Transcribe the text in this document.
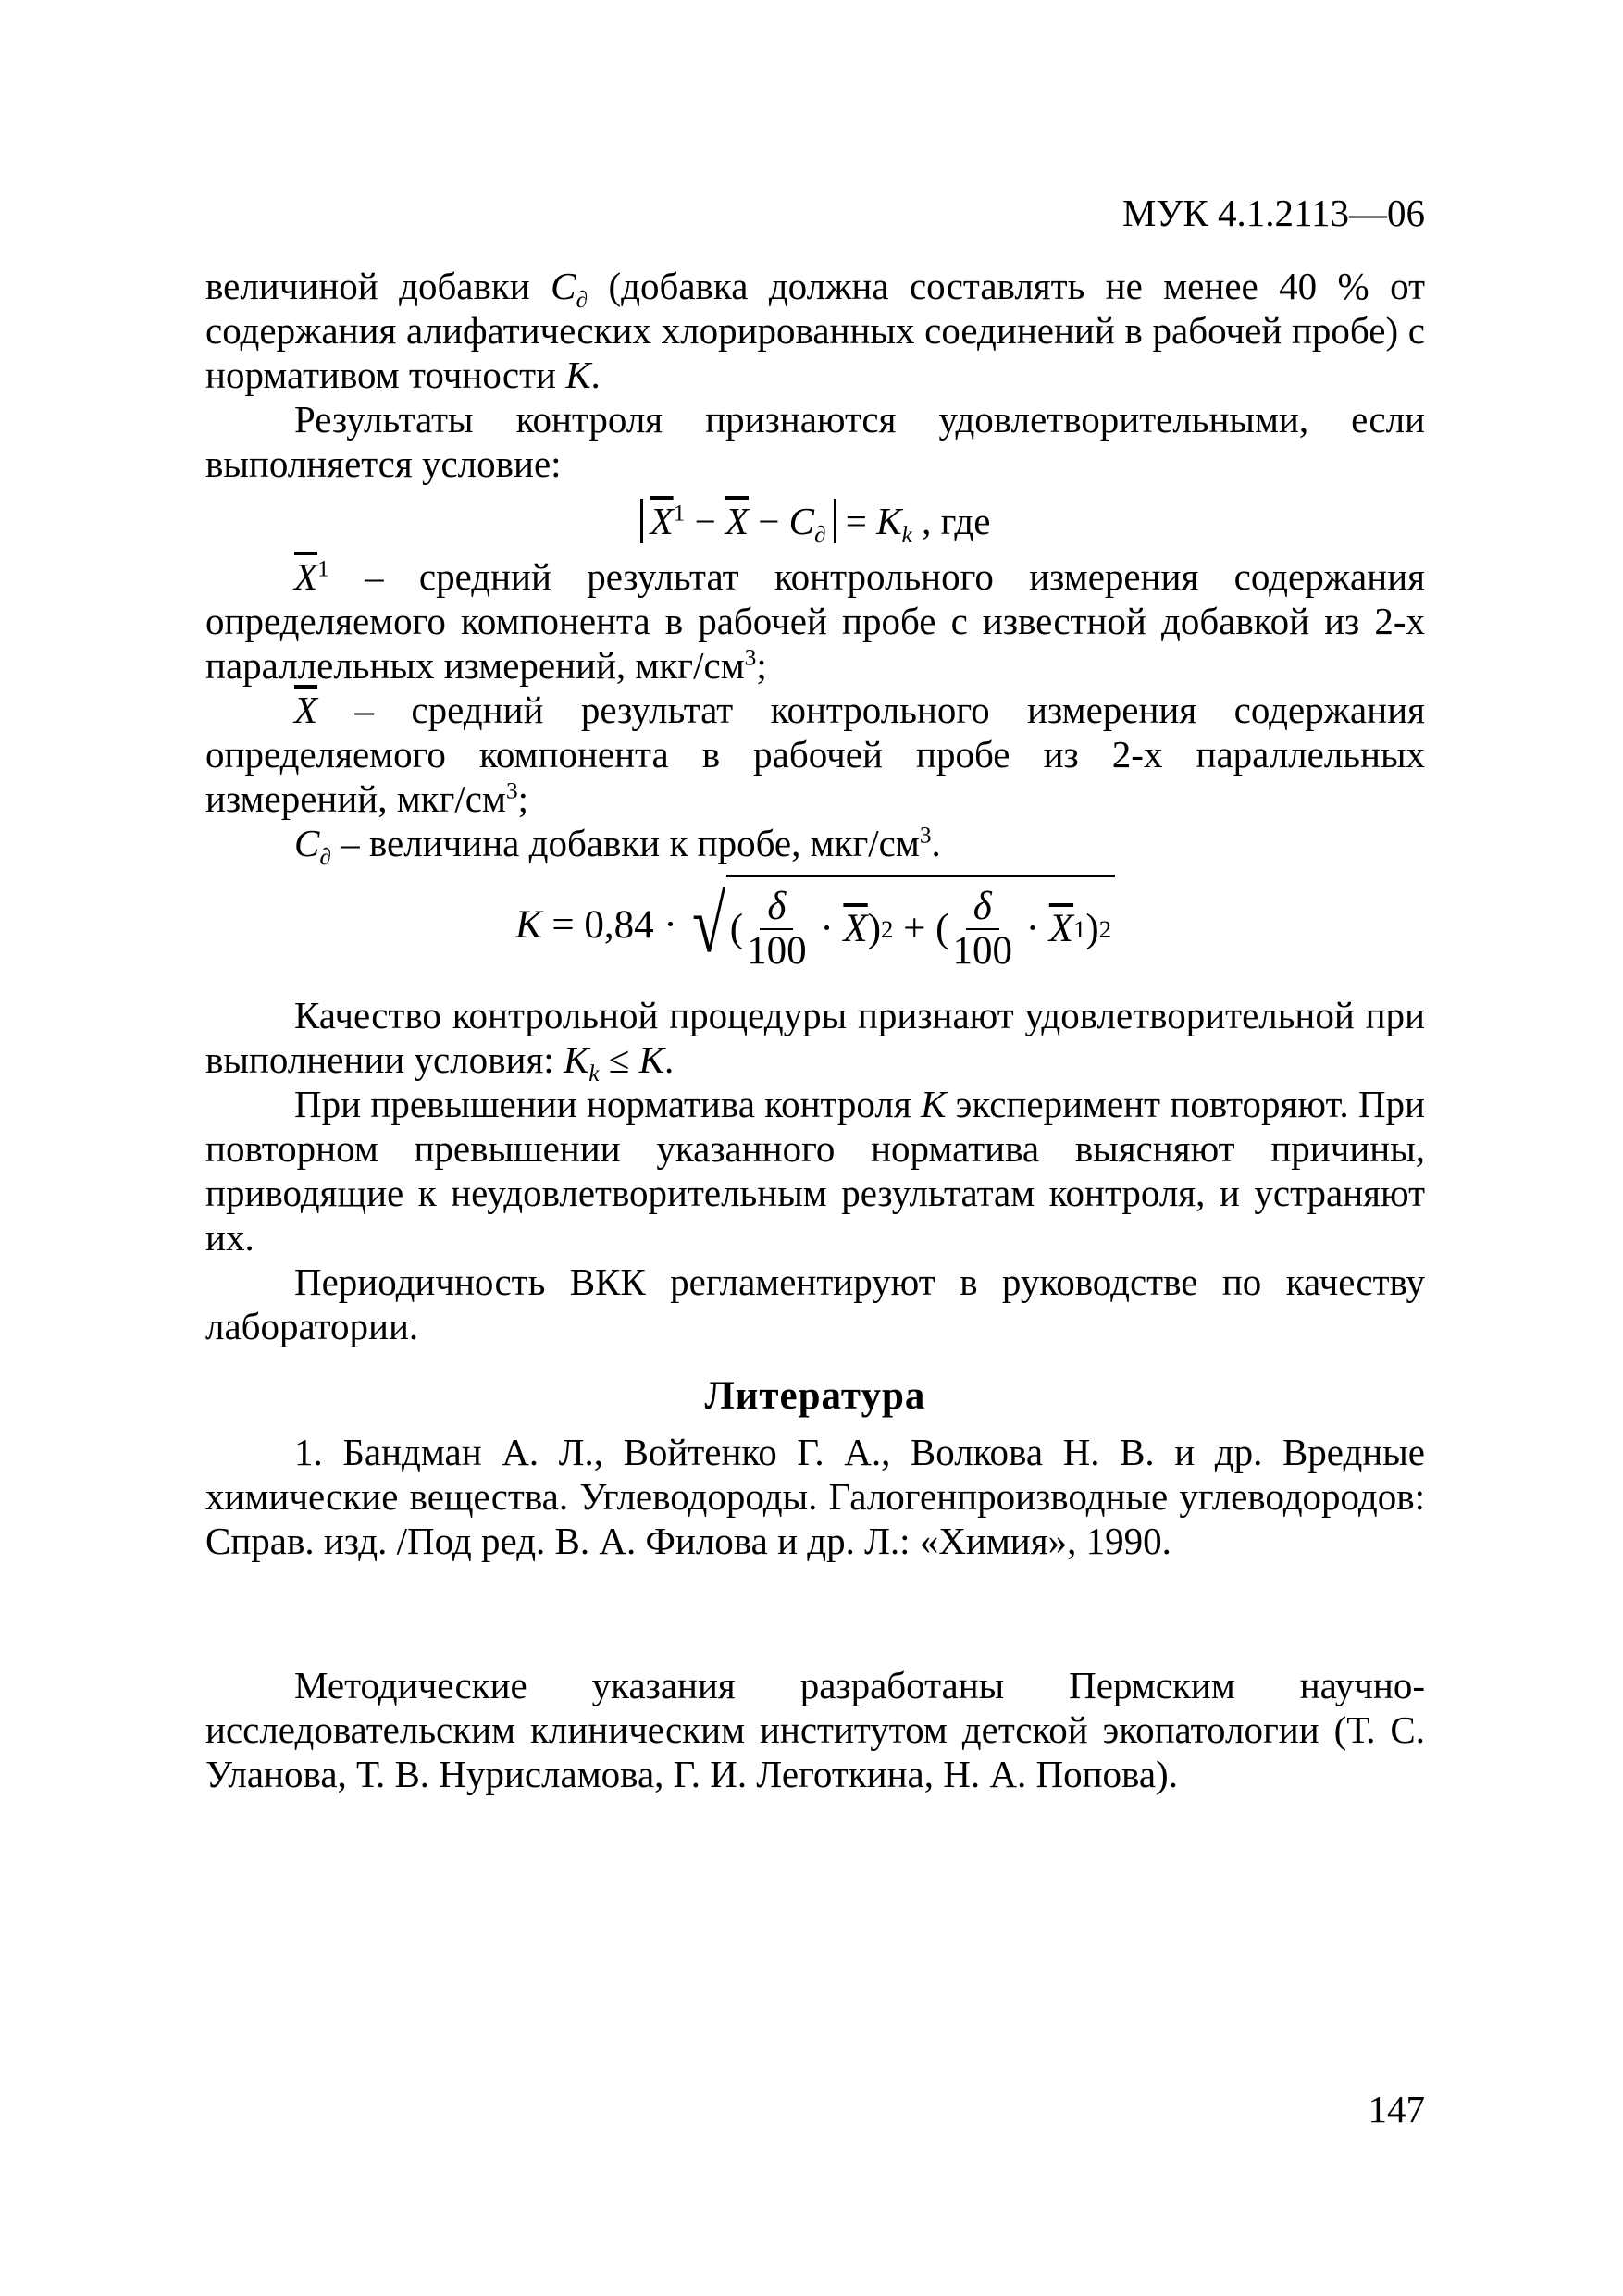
МУК 4.1.2113—06

величиной добавки $C_\partial$ (добавка должна составлять не менее 40 % от содержания алифатических хлорированных соединений в рабочей пробе) с нормативом точности K.

Результаты контроля признаются удовлетворительными, если выполняется условие:

$\overline{X}^1 - \overline{X} - C_\partial = K_k$ , где

$\overline{X}^1$ – средний результат контрольного измерения содержания определяемого компонента в рабочей пробе с известной добавкой из 2-х параллельных измерений, мкг/$см^3$;

$\overline{X}$ – средний результат контрольного измерения содержания определяемого компонента в рабочей пробе из 2-х параллельных измерений, мкг/$см^3$;

$C_\partial$ – величина добавки к пробе, мкг/$см^3$.

K = 0,84 · √ ( $\frac{\delta}{100} \cdot \overline{X}$ ) 2 + ( $\frac{\delta}{100} \cdot \overline{X}$ 1 ) 2

Качество контрольной процедуры признают удовлетворительной при выполнении условия: $K_k \le K$.

При превышении норматива контроля K эксперимент повторяют. При повторном превышении указанного норматива выясняют причины, приводящие к неудовлетворительным результатам контроля, и устраняют их.

Периодичность ВКК регламентируют в руководстве по качеству лаборатории.

Литература

1. Бандман А. Л., Войтенко Г. А., Волкова Н. В. и др. Вредные химические вещества. Углеводороды. Галогенпроизводные углеводородов: Справ. изд. /Под ред. В. А. Филова и др. Л.: «Химия», 1990.

Методические указания разработаны Пермским научно-исследовательским клиническим институтом детской экопатологии (Т. С. Уланова, Т. В. Нурисламова, Г. И. Леготкина, Н. А. Попова).

147
